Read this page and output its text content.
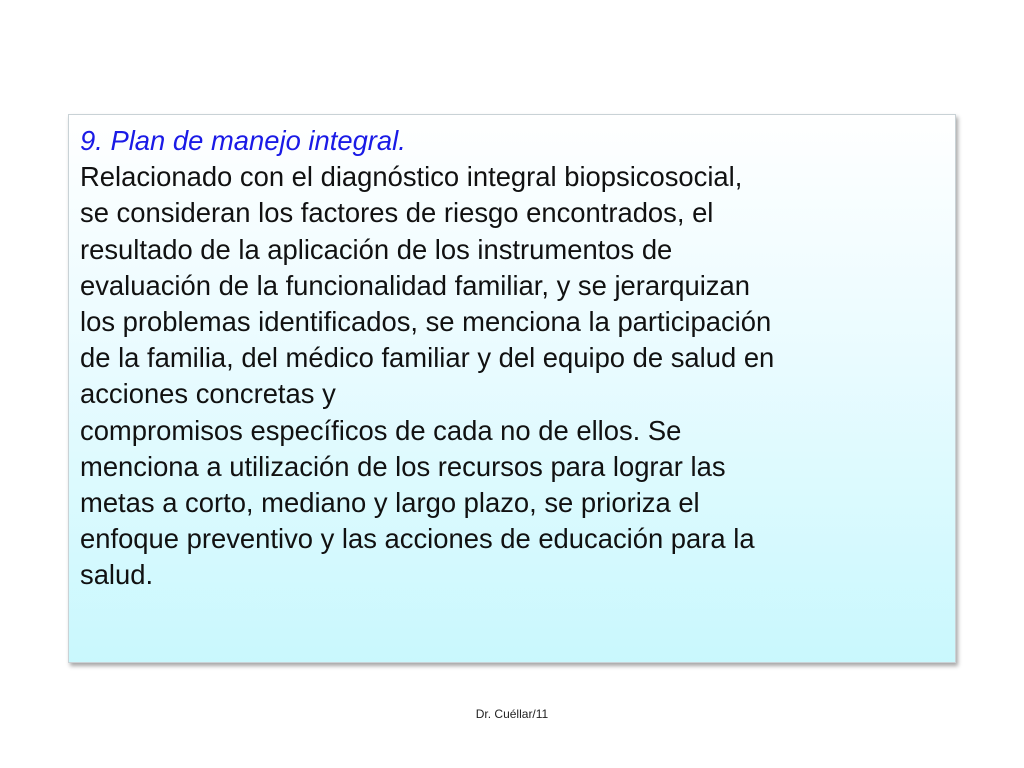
9. Plan de manejo integral.
Relacionado con el diagnóstico integral biopsicosocial,
se consideran los factores de riesgo encontrados, el
resultado de la aplicación de los instrumentos de
evaluación de la funcionalidad familiar, y se jerarquizan
los problemas identificados, se menciona la participación
de la familia, del médico familiar y del equipo de salud en
acciones concretas y
compromisos específicos de cada no de ellos. Se
menciona a utilización de los recursos para lograr las
metas a corto, mediano y largo plazo, se prioriza el
enfoque preventivo y las acciones de educación para la
salud.
Dr. Cuéllar/11
